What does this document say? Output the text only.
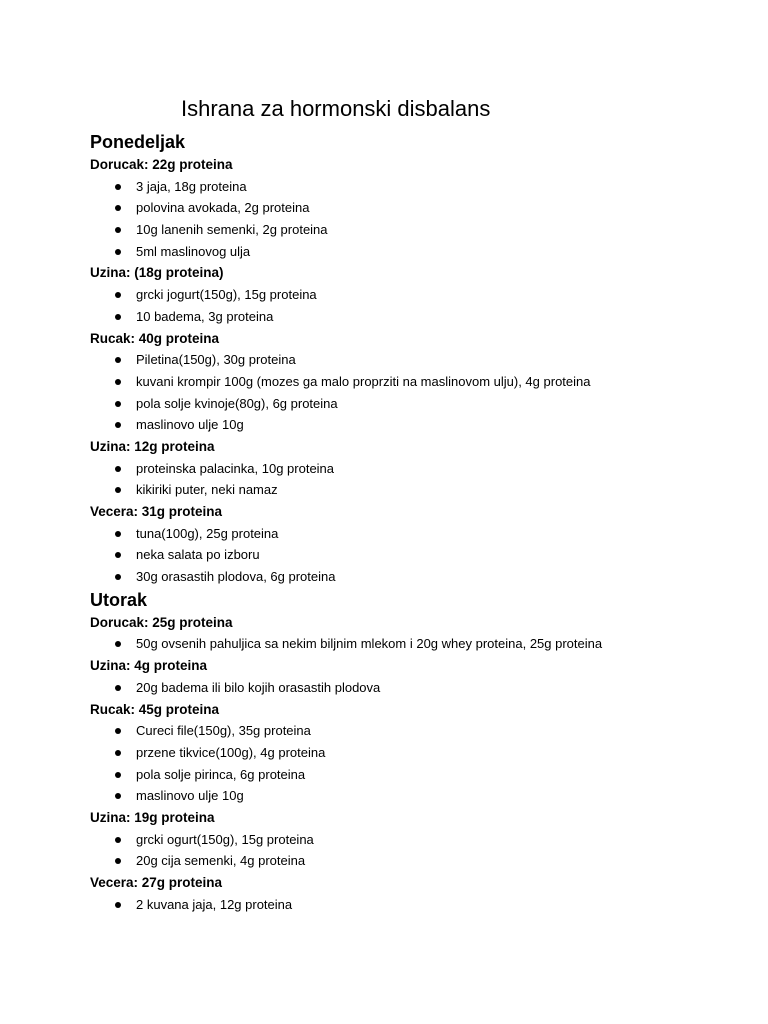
Ishrana za hormonski disbalans
Ponedeljak
Dorucak: 22g proteina
3 jaja, 18g proteina
polovina avokada, 2g proteina
10g lanenih semenki, 2g proteina
5ml maslinovog ulja
Uzina: (18g proteina)
grcki jogurt(150g), 15g proteina
10 badema, 3g proteina
Rucak: 40g proteina
Piletina(150g), 30g proteina
kuvani krompir 100g (mozes ga malo proprziti na maslinovom ulju), 4g proteina
pola solje kvinoje(80g), 6g proteina
maslinovo ulje 10g
Uzina: 12g proteina
proteinska palacinka, 10g proteina
kikiriki puter, neki namaz
Vecera: 31g proteina
tuna(100g), 25g proteina
neka salata po izboru
30g orasastih plodova, 6g proteina
Utorak
Dorucak: 25g proteina
50g ovsenih pahuljica sa nekim biljnim mlekom i 20g whey proteina, 25g proteina
Uzina: 4g proteina
20g badema ili bilo kojih orasastih plodova
Rucak: 45g proteina
Cureci file(150g), 35g proteina
przene tikvice(100g), 4g proteina
pola solje pirinca, 6g proteina
maslinovo ulje 10g
Uzina: 19g proteina
grcki ogurt(150g), 15g proteina
20g cija semenki, 4g proteina
Vecera: 27g proteina
2 kuvana jaja, 12g proteina
